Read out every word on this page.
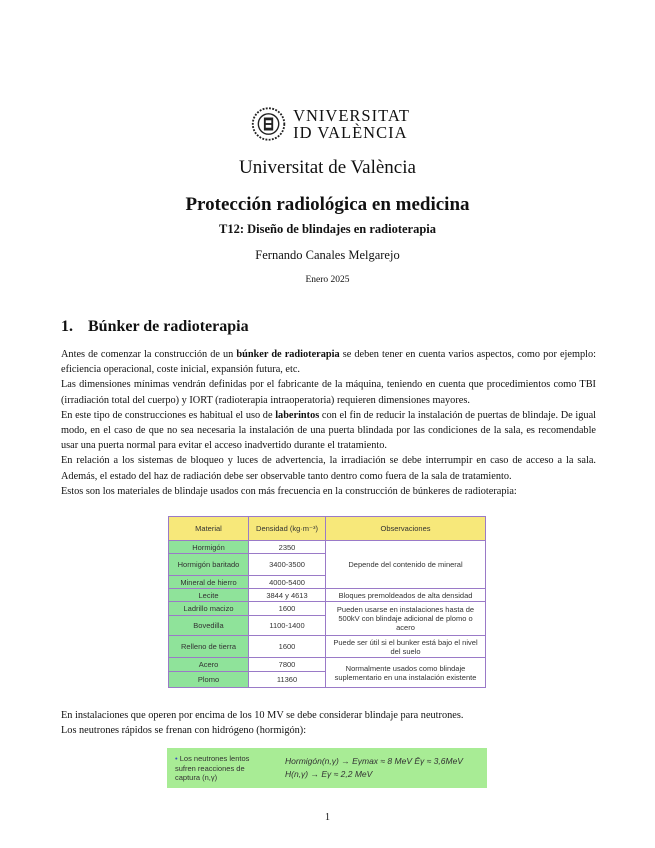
VNIVERSITAT
ID VALÈNCIA
Universitat de València
Protección radiológica en medicina
T12: Diseño de blindajes en radioterapia
Fernando Canales Melgarejo
Enero 2025
1. Búnker de radioterapia

Antes de comenzar la construcción de un búnker de radioterapia se deben tener en cuenta varios aspectos, como por ejemplo: eficiencia operacional, coste inicial, expansión futura, etc.

Las dimensiones mínimas vendrán definidas por el fabricante de la máquina, teniendo en cuenta que procedimientos como TBI (irradiación total del cuerpo) y IORT (radioterapia intraoperatoria) requieren dimensiones mayores.

En este tipo de construcciones es habitual el uso de laberintos con el fin de reducir la instalación de puertas de blindaje. De igual modo, en el caso de que no sea necesaria la instalación de una puerta blindada por las condiciones de la sala, es recomendable usar una puerta normal para evitar el acceso inadvertido durante el tratamiento.

En relación a los sistemas de bloqueo y luces de advertencia, la irradiación se debe interrumpir en caso de acceso a la sala. Además, el estado del haz de radiación debe ser observable tanto dentro como fuera de la sala de tratamiento.

Estos son los materiales de blindaje usados con más frecuencia en la construcción de búnkeres de radioterapia:

Material	Densidad (kg·m⁻³)	Observaciones
Hormigón	2350	Depende del contenido de mineral
Hormigón baritado	3400-3500	
Mineral de hierro	4000-5400	
Lecite	3844 y 4613	Bloques premoldeados de alta densidad
Ladrillo macizo	1600	Pueden usarse en instalaciones hasta de 500kV con blindaje adicional de plomo o acero
Bovedilla	1100-1400	
Relleno de tierra	1600	Puede ser útil si el bunker está bajo el nivel del suelo
Acero	7800	Normalmente usados como blindaje suplementario en una instalación existente
Plomo	11360	

En instalaciones que operen por encima de los 10 MV se debe considerar blindaje para neutrones.

Los neutrones rápidos se frenan con hidrógeno (hormigón):

• Los neutrones lentos sufren reacciones de captura (n,γ)
Hormigón(n,γ) → Eγmax ≈ 8 MeV Ēγ ≈ 3,6MeV
H(n,γ) → Eγ ≈ 2,2 MeV
1
